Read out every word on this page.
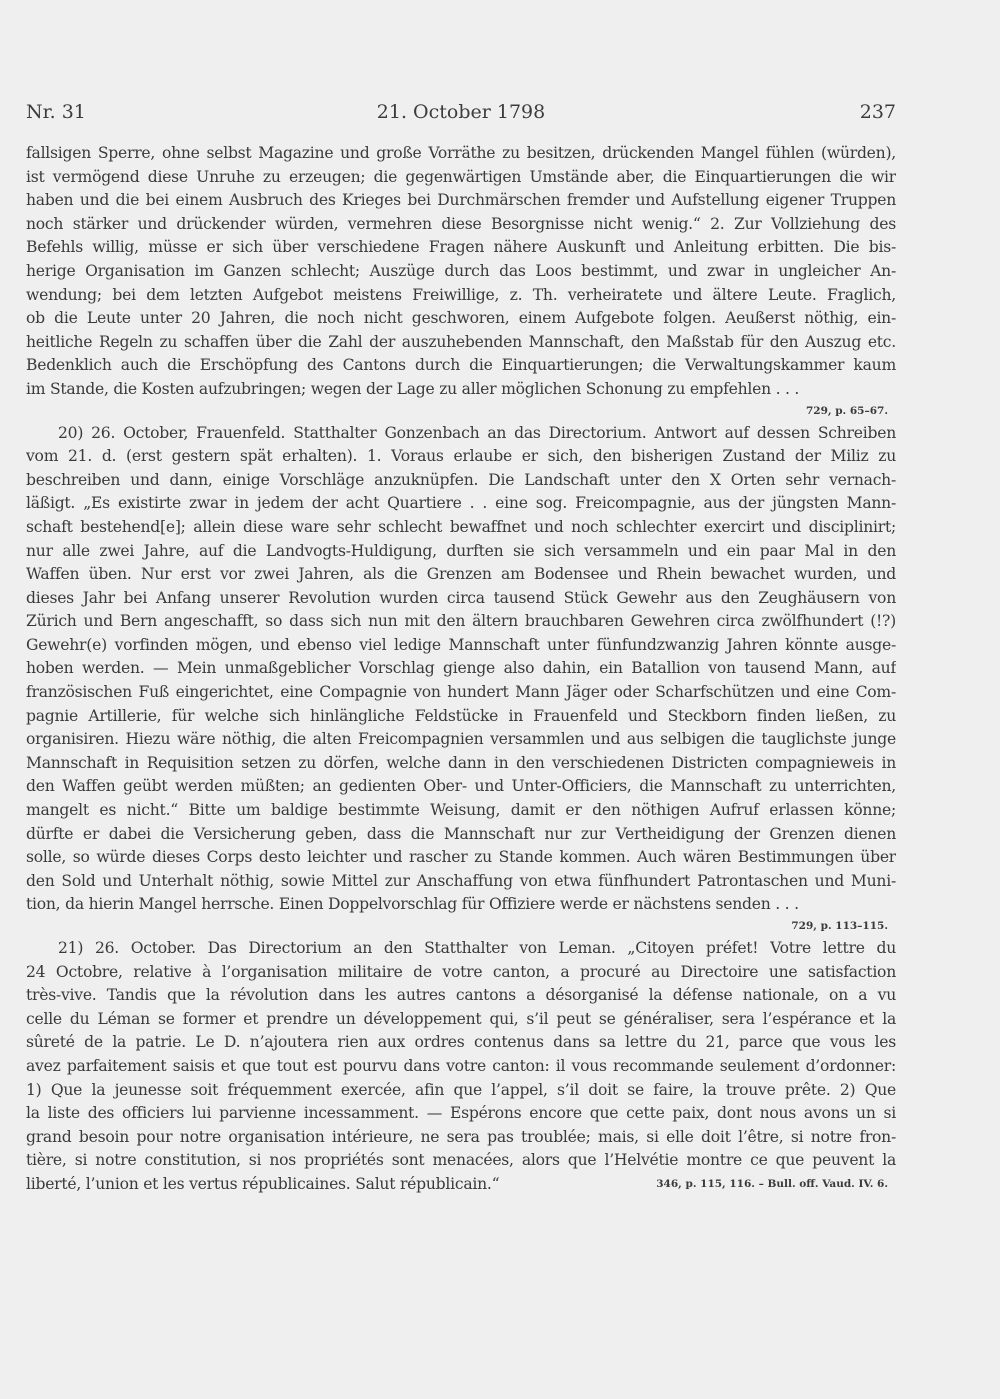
21. October 1798
Nr. 31	237
fallsigen Sperre, ohne selbst Magazine und große Vorräthe zu besitzen, drückenden Mangel fühlen (würden),
ist vermögend diese Unruhe zu erzeugen; die gegenwärtigen Umstände aber, die Einquartierungen die wir
haben und die bei einem Ausbruch des Krieges bei Durchmärschen fremder und Aufstellung eigener Truppen
noch stärker und drückender würden, vermehren diese Besorgnisse nicht wenig.“ 2. Zur Vollziehung des
Befehls willig, müsse er sich über verschiedene Fragen nähere Auskunft und Anleitung erbitten. Die bis-
herige Organisation im Ganzen schlecht; Auszüge durch das Loos bestimmt, und zwar in ungleicher An-
wendung; bei dem letzten Aufgebot meistens Freiwillige, z. Th. verheiratete und ältere Leute. Fraglich,
ob die Leute unter 20 Jahren, die noch nicht geschworen, einem Aufgebote folgen. Aeußerst nöthig, ein-
heitliche Regeln zu schaffen über die Zahl der auszuhebenden Mannschaft, den Maßstab für den Auszug etc.
Bedenklich auch die Erschöpfung des Cantons durch die Einquartierungen; die Verwaltungskammer kaum
im Stande, die Kosten aufzubringen; wegen der Lage zu aller möglichen Schonung zu empfehlen . . .
729, p. 65–67.
20) 26. October, Frauenfeld. Statthalter Gonzenbach an das Directorium. Antwort auf dessen Schreiben
vom 21. d. (erst gestern spät erhalten). 1. Voraus erlaube er sich, den bisherigen Zustand der Miliz zu
beschreiben und dann, einige Vorschläge anzuknüpfen. Die Landschaft unter den X Orten sehr vernach-
läßigt. „Es existirte zwar in jedem der acht Quartiere . . eine sog. Freicompagnie, aus der jüngsten Mann-
schaft bestehend[e]; allein diese ware sehr schlecht bewaffnet und noch schlechter exercirt und disciplinirt;
nur alle zwei Jahre, auf die Landvogts-Huldigung, durften sie sich versammeln und ein paar Mal in den
Waffen üben. Nur erst vor zwei Jahren, als die Grenzen am Bodensee und Rhein bewachet wurden, und
dieses Jahr bei Anfang unserer Revolution wurden circa tausend Stück Gewehr aus den Zeughäusern von
Zürich und Bern angeschafft, so dass sich nun mit den ältern brauchbaren Gewehren circa zwölfhundert (!?)
Gewehr(e) vorfinden mögen, und ebenso viel ledige Mannschaft unter fünfundzwanzig Jahren könnte ausge-
hoben werden. — Mein unmaßgeblicher Vorschlag gienge also dahin, ein Batallion von tausend Mann, auf
französischen Fuß eingerichtet, eine Compagnie von hundert Mann Jäger oder Scharfschützen und eine Com-
pagnie Artillerie, für welche sich hinlängliche Feldstücke in Frauenfeld und Steckborn finden ließen, zu
organisiren. Hiezu wäre nöthig, die alten Freicompagnien versammlen und aus selbigen die tauglichste junge
Mannschaft in Requisition setzen zu dörfen, welche dann in den verschiedenen Districten compagnieweis in
den Waffen geübt werden müßten; an gedienten Ober- und Unter-Officiers, die Mannschaft zu unterrichten,
mangelt es nicht.“ Bitte um baldige bestimmte Weisung, damit er den nöthigen Aufruf erlassen könne;
dürfte er dabei die Versicherung geben, dass die Mannschaft nur zur Vertheidigung der Grenzen dienen
solle, so würde dieses Corps desto leichter und rascher zu Stande kommen. Auch wären Bestimmungen über
den Sold und Unterhalt nöthig, sowie Mittel zur Anschaffung von etwa fünfhundert Patrontaschen und Muni-
tion, da hierin Mangel herrsche. Einen Doppelvorschlag für Offiziere werde er nächstens senden . . .
729, p. 113–115.
21) 26. October. Das Directorium an den Statthalter von Leman. „Citoyen préfet! Votre lettre du
24 Octobre, relative à l’organisation militaire de votre canton, a procuré au Directoire une satisfaction
très-vive. Tandis que la révolution dans les autres cantons a désorganisé la défense nationale, on a vu
celle du Léman se former et prendre un développement qui, s’il peut se généraliser, sera l’espérance et la
sûreté de la patrie. Le D. n’ajoutera rien aux ordres contenus dans sa lettre du 21, parce que vous les
avez parfaitement saisis et que tout est pourvu dans votre canton: il vous recommande seulement d’ordonner:
1) Que la jeunesse soit fréquemment exercée, afin que l’appel, s’il doit se faire, la trouve prête. 2) Que
la liste des officiers lui parvienne incessamment. — Espérons encore que cette paix, dont nous avons un si
grand besoin pour notre organisation intérieure, ne sera pas troublée; mais, si elle doit l’être, si notre fron-
tière, si notre constitution, si nos propriétés sont menacées, alors que l’Helvétie montre ce que peuvent la
liberté, l’union et les vertus républicaines. Salut républicain.“	346, p. 115, 116. – Bull. off. Vaud. IV. 6.
